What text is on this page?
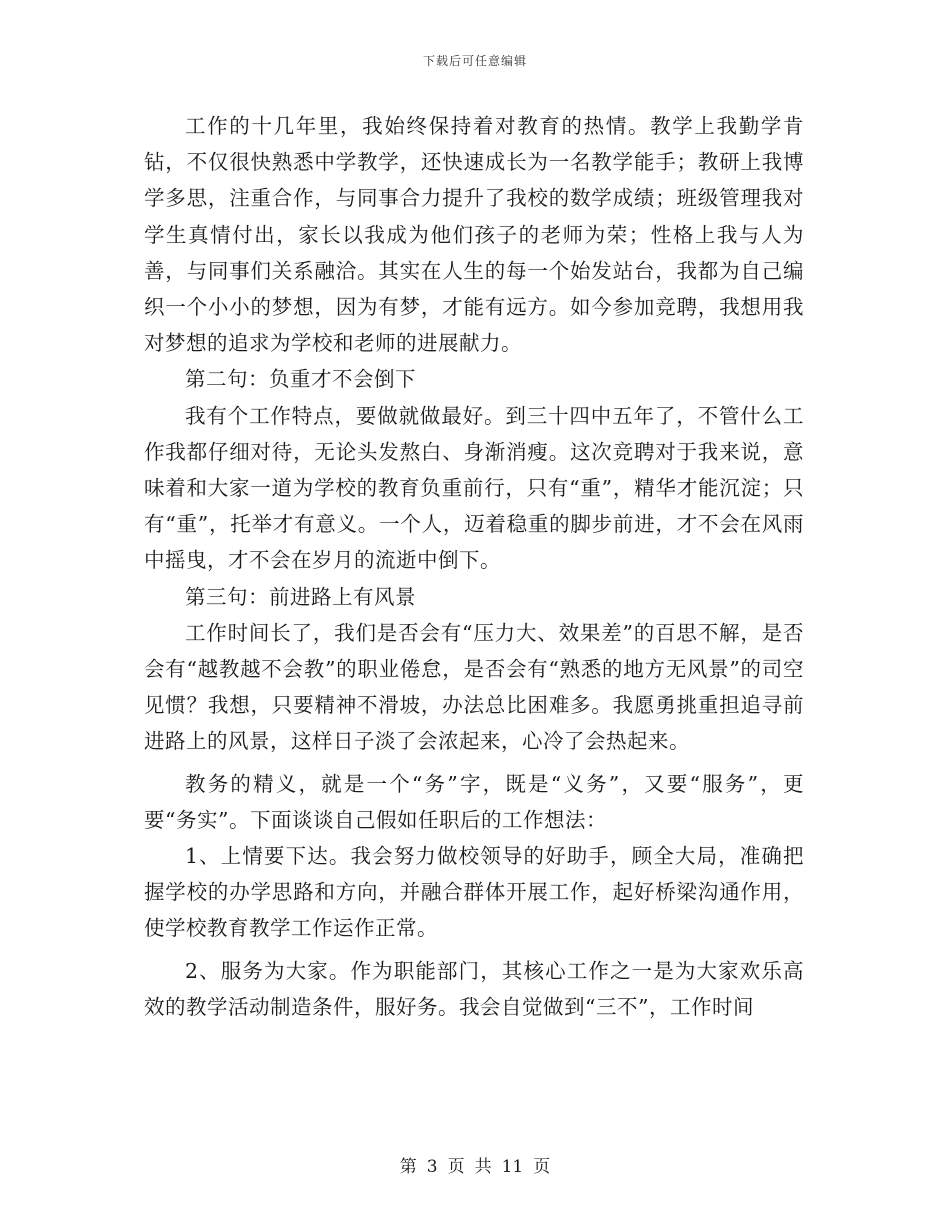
下载后可任意编辑

工作的十几年里，我始终保持着对教育的热情。教学上我勤学肯钻，不仅很快熟悉中学教学，还快速成长为一名教学能手；教研上我博学多思，注重合作，与同事合力提升了我校的数学成绩；班级管理我对学生真情付出，家长以我成为他们孩子的老师为荣；性格上我与人为善，与同事们关系融洽。其实在人生的每一个始发站台，我都为自己编织一个小小的梦想，因为有梦，才能有远方。如今参加竞聘，我想用我对梦想的追求为学校和老师的进展献力。

第二句：负重才不会倒下

我有个工作特点，要做就做最好。到三十四中五年了，不管什么工作我都仔细对待，无论头发熬白、身渐消瘦。这次竞聘对于我来说，意味着和大家一道为学校的教育负重前行，只有“重”，精华才能沉淀；只有“重”，托举才有意义。一个人，迈着稳重的脚步前进，才不会在风雨中摇曳，才不会在岁月的流逝中倒下。

第三句：前进路上有风景

工作时间长了，我们是否会有“压力大、效果差”的百思不解，是否会有“越教越不会教”的职业倦怠，是否会有“熟悉的地方无风景”的司空见惯？我想，只要精神不滑坡，办法总比困难多。我愿勇挑重担追寻前进路上的风景，这样日子淡了会浓起来，心冷了会热起来。

教务的精义，就是一个“务”字，既是“义务”，又要“服务”，更要“务实”。下面谈谈自己假如任职后的工作想法：

1、上情要下达。我会努力做校领导的好助手，顾全大局，准确把握学校的办学思路和方向，并融合群体开展工作，起好桥梁沟通作用，使学校教育教学工作运作正常。

2、服务为大家。作为职能部门，其核心工作之一是为大家欢乐高效的教学活动制造条件，服好务。我会自觉做到“三不”，工作时间

第 3 页 共 11 页
